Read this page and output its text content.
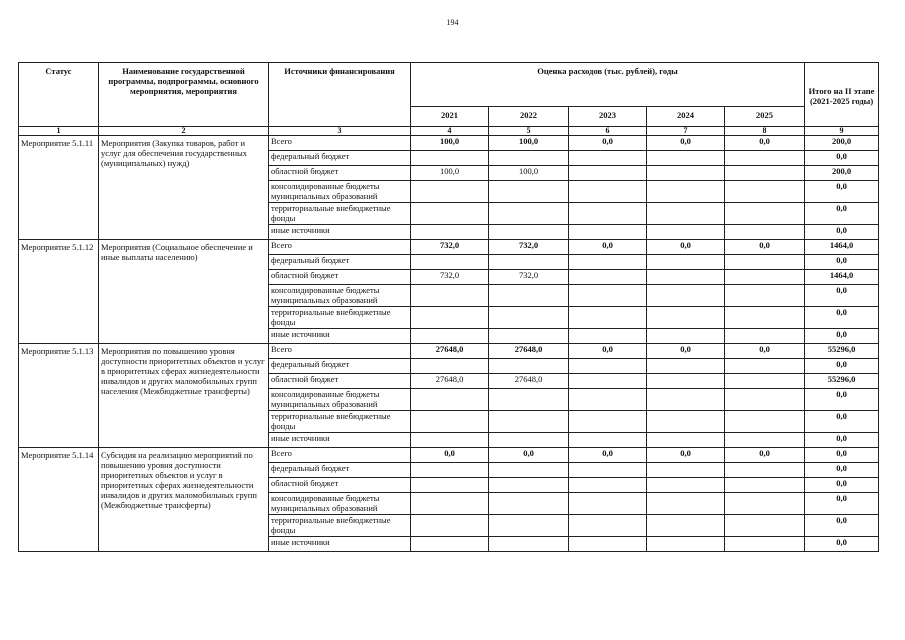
194
Статус	Наименование государственной программы, подпрограммы, основного мероприятия, мероприятия	Источники финансирования	Оценка расходов (тыс. рублей), годы					Итого на II этапе (2021-2025 годы)
			2021	2022	2023	2024	2025	
1	2	3	4	5	6	7	8	9
Мероприятие 5.1.11	Мероприятия (Закупка товаров, работ и услуг для обеспечения государственных (муниципальных) нужд)	Всего	100,0	100,0	0,0	0,0	0,0	200,0
		федеральный бюджет						0,0
		областной бюджет	100,0	100,0				200,0
		консолидированные бюджеты муниципальных образований						0,0
		территориальные внебюджетные фонды						0,0
		иные источники						0,0
Мероприятие 5.1.12	Мероприятия (Социальное обеспечение и иные выплаты населению)	Всего	732,0	732,0	0,0	0,0	0,0	1464,0
		федеральный бюджет						0,0
		областной бюджет	732,0	732,0				1464,0
		консолидированные бюджеты муниципальных образований						0,0
		территориальные внебюджетные фонды						0,0
		иные источники						0,0
Мероприятие 5.1.13	Мероприятия по повышению уровня доступности приоритетных объектов и услуг в приоритетных сферах жизнедеятельности инвалидов и других маломобильных групп населения (Межбюджетные трансферты)	Всего	27648,0	27648,0	0,0	0,0	0,0	55296,0
		федеральный бюджет						0,0
		областной бюджет	27648,0	27648,0				55296,0
		консолидированные бюджеты муниципальных образований						0,0
		территориальные внебюджетные фонды						0,0
		иные источники						0,0
Мероприятие 5.1.14	Субсидия на реализацию мероприятий по повышению уровня доступности приоритетных объектов и услуг в приоритетных сферах жизнедеятельности инвалидов и других маломобильных групп (Межбюджетные трансферты)	Всего	0,0	0,0	0,0	0,0	0,0	0,0
		федеральный бюджет						0,0
		областной бюджет						0,0
		консолидированные бюджеты муниципальных образований						0,0
		территориальные внебюджетные фонды						0,0
		иные источники						0,0
